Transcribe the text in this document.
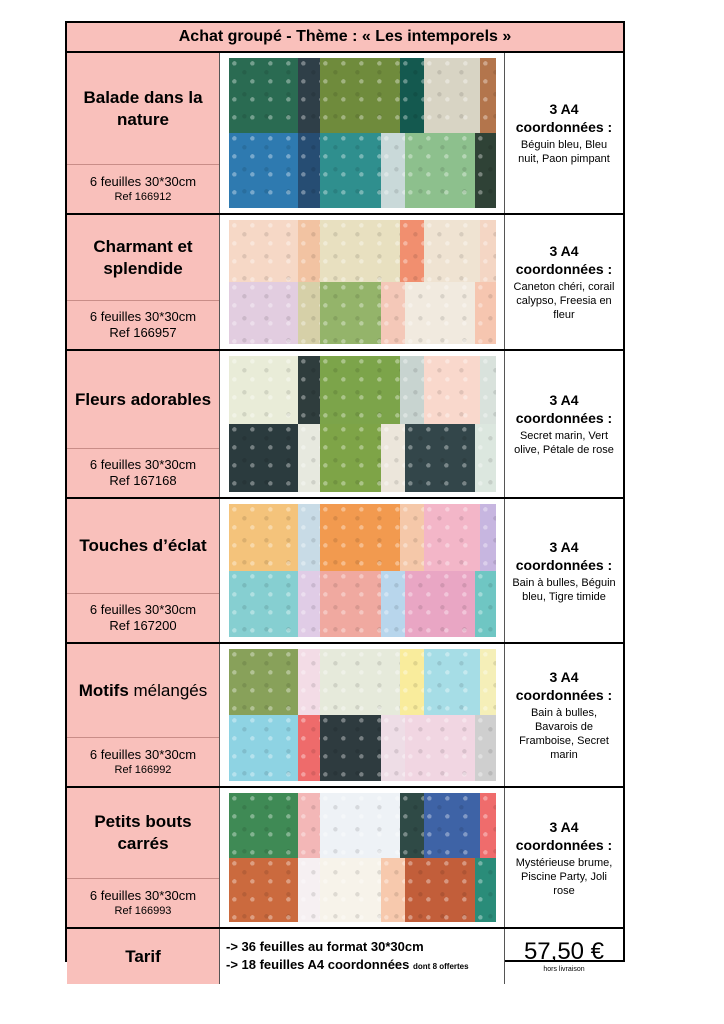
Achat groupé - Thème : « Les intemporels »
Balade dans la nature
6 feuilles 30*30cm
Ref 166912
3 A4
coordonnées :
Béguin bleu, Bleu nuit, Paon pimpant
Charmant et splendide
6 feuilles 30*30cm
Ref 166957
3 A4
coordonnées :
Caneton chéri, corail calypso, Freesia en fleur
Fleurs adorables
6 feuilles 30*30cm
Ref 167168
3 A4
coordonnées :
Secret marin, Vert olive, Pétale de rose
Touches d’éclat
6 feuilles 30*30cm
Ref 167200
3 A4
coordonnées :
Bain à bulles, Béguin bleu, Tigre timide
Motifs mélangés
6 feuilles 30*30cm
Ref 166992
3 A4
coordonnées :
Bain à bulles, Bavarois de Framboise, Secret marin
Petits bouts carrés
6 feuilles 30*30cm
Ref 166993
3 A4
coordonnées :
Mystérieuse brume, Piscine Party, Joli rose
Tarif
-> 36 feuilles au format 30*30cm
-> 18 feuilles A4 coordonnées dont 8 offertes
57,50 €
hors livraison
